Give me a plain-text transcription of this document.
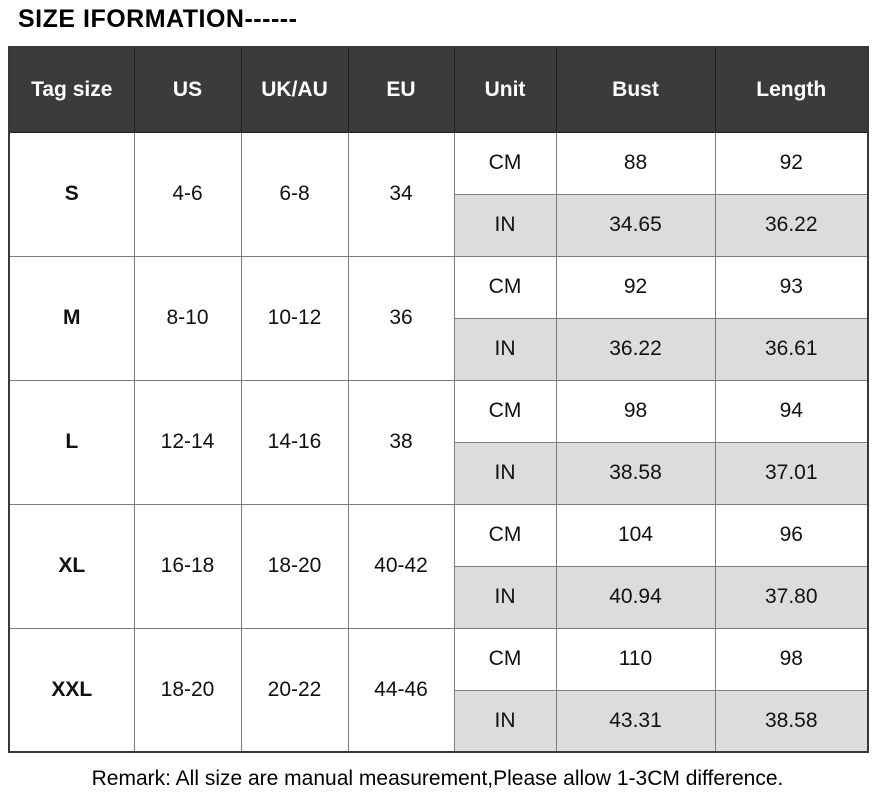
SIZE IFORMATION------
Tag size	US	UK/AU	EU	Unit	Bust	Length
S	4-6	6-8	34	CM	88	92
				IN	34.65	36.22
M	8-10	10-12	36	CM	92	93
				IN	36.22	36.61
L	12-14	14-16	38	CM	98	94
				IN	38.58	37.01
XL	16-18	18-20	40-42	CM	104	96
				IN	40.94	37.80
XXL	18-20	20-22	44-46	CM	110	98
				IN	43.31	38.58
Remark: All size are manual measurement,Please allow 1-3CM difference.
